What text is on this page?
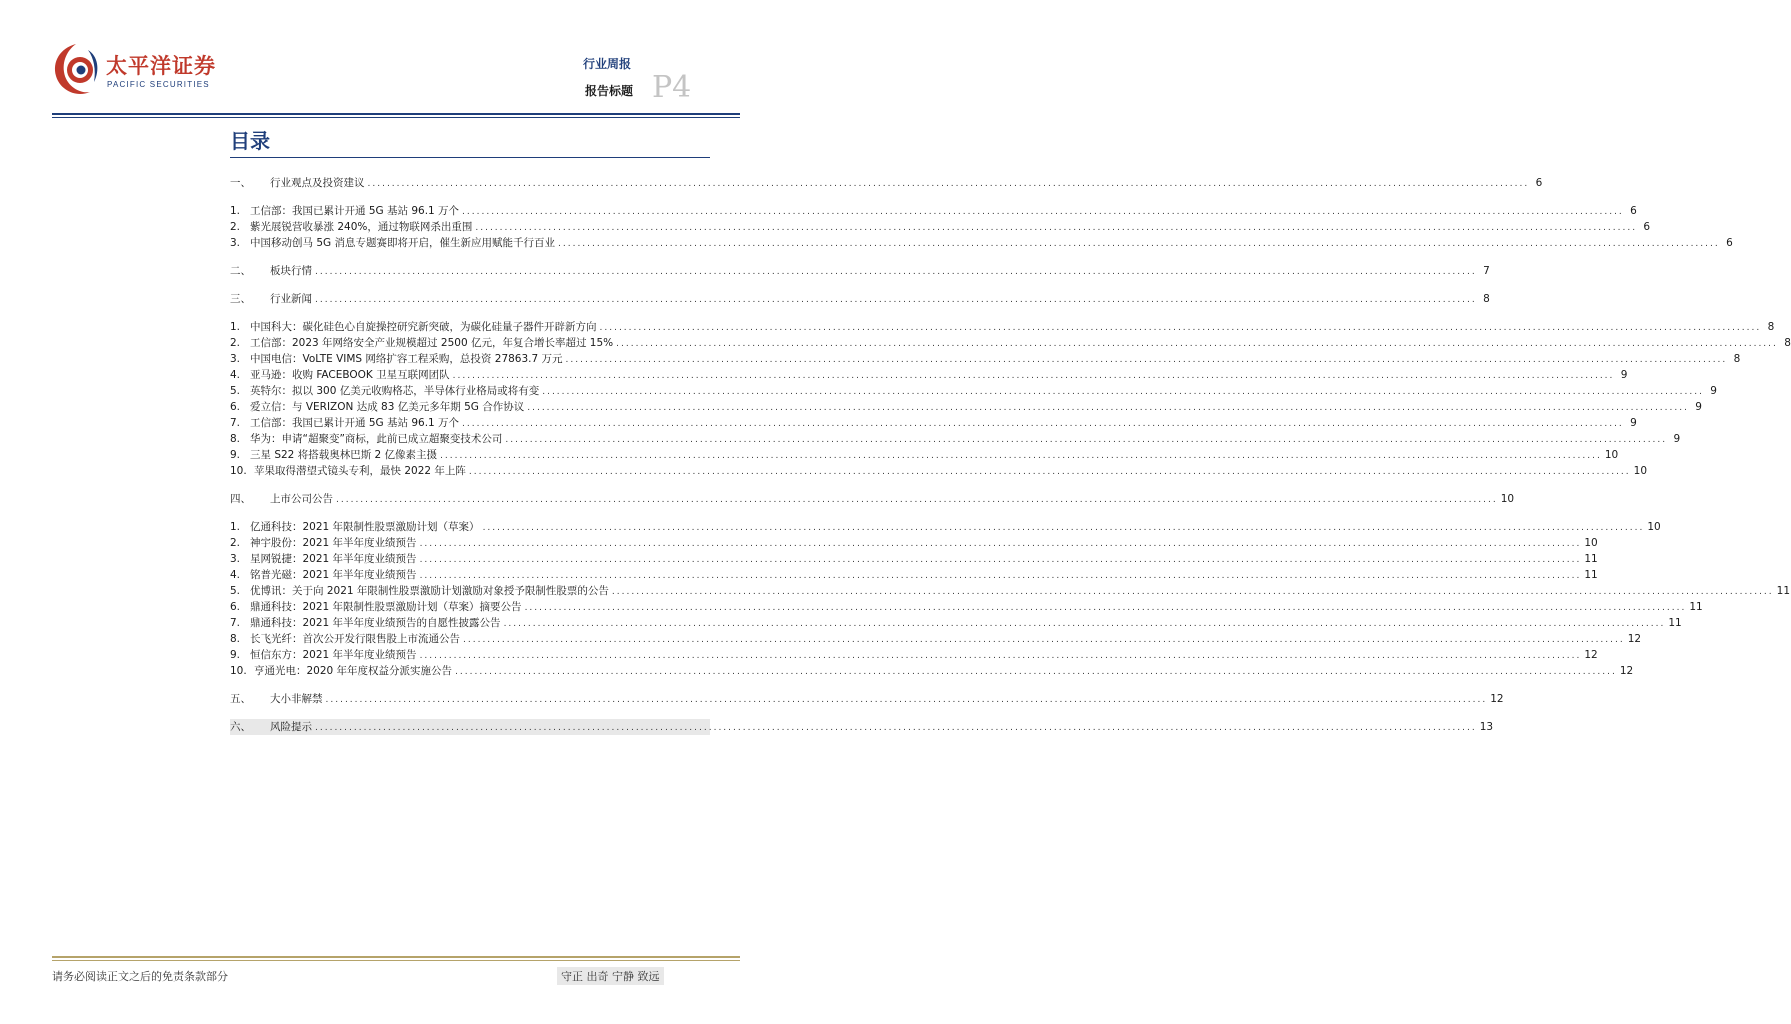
太平洋证券
PACIFIC SECURITIES
行业周报
P4
报告标题
目录
一、	行业观点及投资建议 .....	6
1. 工信部：我国已累计开通 5G 基站 96.1 万个 .....	6
2. 紫光展锐营收暴涨 240%，通过物联网杀出重围 .....	6
3. 中国移动创马 5G 消息专题赛即将开启，催生新应用赋能千行百业 .....	6
二、	板块行情 .....	7
三、	行业新闻 .....	8
1. 中国科大：碳化硅色心自旋操控研究新突破，为碳化硅量子器件开辟新方向 .....	8
2. 工信部：2023 年网络安全产业规模超过 2500 亿元，年复合增长率超过 15% .....	8
3. 中国电信：VoLTE VIMS 网络扩容工程采购，总投资 27863.7 万元 .....	8
4. 亚马逊：收购 FACEBOOK 卫星互联网团队 .....	9
5. 英特尔：拟以 300 亿美元收购格芯，半导体行业格局或将有变 .....	9
6. 爱立信：与 VERIZON 达成 83 亿美元多年期 5G 合作协议 .....	9
7. 工信部：我国已累计开通 5G 基站 96.1 万个 .....	9
8. 华为：申请“超聚变”商标，此前已成立超聚变技术公司 .....	9
9. 三星 S22 将搭载奥林巴斯 2 亿像素主摄 .....	10
10. 苹果取得潜望式镜头专利，最快 2022 年上阵 .....	10
四、	上市公司公告 .....	10
1. 亿通科技：2021 年限制性股票激励计划（草案） .....	10
2. 神宇股份：2021 年半年度业绩预告 .....	10
3. 星网锐捷：2021 年半年度业绩预告 .....	11
4. 铭普光磁：2021 年半年度业绩预告 .....	11
5. 优博讯：关于向 2021 年限制性股票激励计划激励对象授予限制性股票的公告 .....	11
6. 鼎通科技：2021 年限制性股票激励计划（草案）摘要公告 .....	11
7. 鼎通科技：2021 年半年度业绩预告的自愿性披露公告 .....	11
8. 长飞光纤：首次公开发行限售股上市流通公告 .....	12
9. 恒信东方：2021 年半年度业绩预告 .....	12
10. 亨通光电：2020 年年度权益分派实施公告 .....	12
五、	大小非解禁 .....	12
六、	风险提示 .....	13
请务必阅读正文之后的免责条款部分	守正 出奇 宁静 致远
